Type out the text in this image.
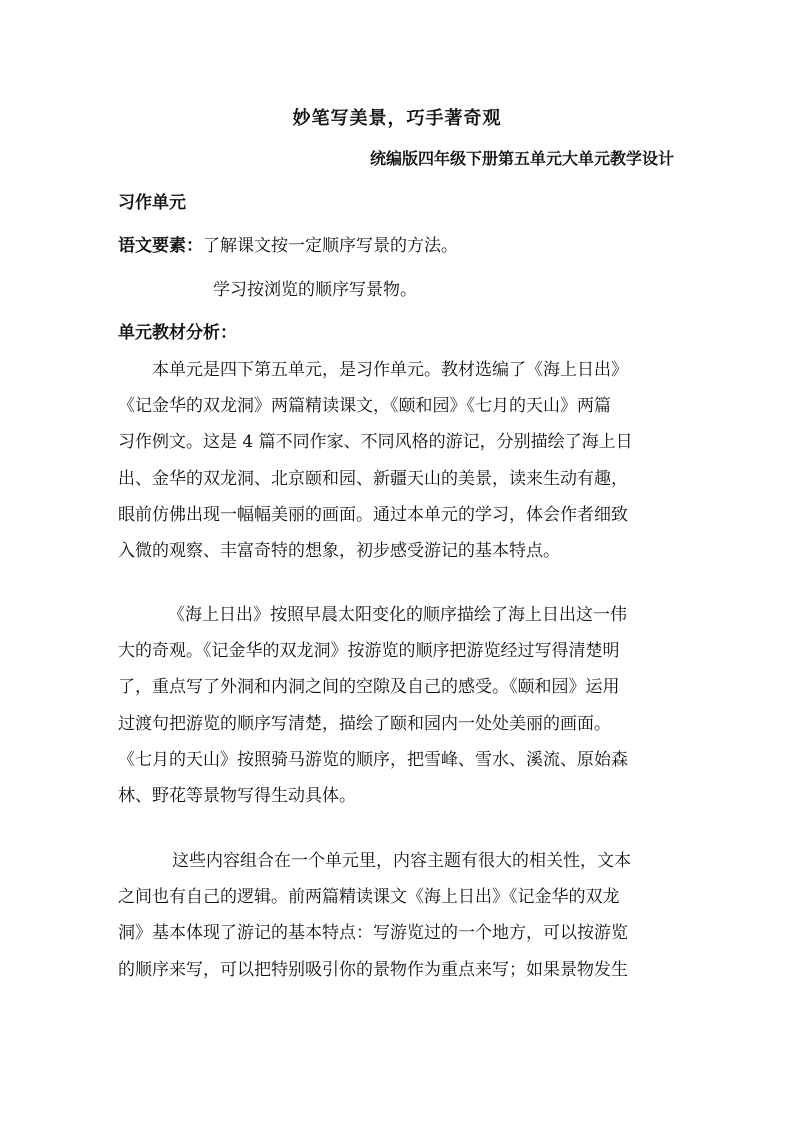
妙笔写美景，巧手著奇观
统编版四年级下册第五单元大单元教学设计
习作单元
语文要素：了解课文按一定顺序写景的方法。
学习按浏览的顺序写景物。
单元教材分析：
本单元是四下第五单元，是习作单元。教材选编了《海上日出》
《记金华的双龙洞》两篇精读课文，《颐和园》《七月的天山》两篇
习作例文。这是 4 篇不同作家、不同风格的游记，分别描绘了海上日
出、金华的双龙洞、北京颐和园、新疆天山的美景，读来生动有趣，
眼前仿佛出现一幅幅美丽的画面。通过本单元的学习，体会作者细致
入微的观察、丰富奇特的想象，初步感受游记的基本特点。
《海上日出》按照早晨太阳变化的顺序描绘了海上日出这一伟
大的奇观。《记金华的双龙洞》按游览的顺序把游览经过写得清楚明
了，重点写了外洞和内洞之间的空隙及自己的感受。《颐和园》运用
过渡句把游览的顺序写清楚，描绘了颐和园内一处处美丽的画面。
《七月的天山》按照骑马游览的顺序，把雪峰、雪水、溪流、原始森
林、野花等景物写得生动具体。
这些内容组合在一个单元里，内容主题有很大的相关性，文本
之间也有自己的逻辑。前两篇精读课文《海上日出》《记金华的双龙
洞》基本体现了游记的基本特点：写游览过的一个地方，可以按游览
的顺序来写，可以把特别吸引你的景物作为重点来写；如果景物发生
